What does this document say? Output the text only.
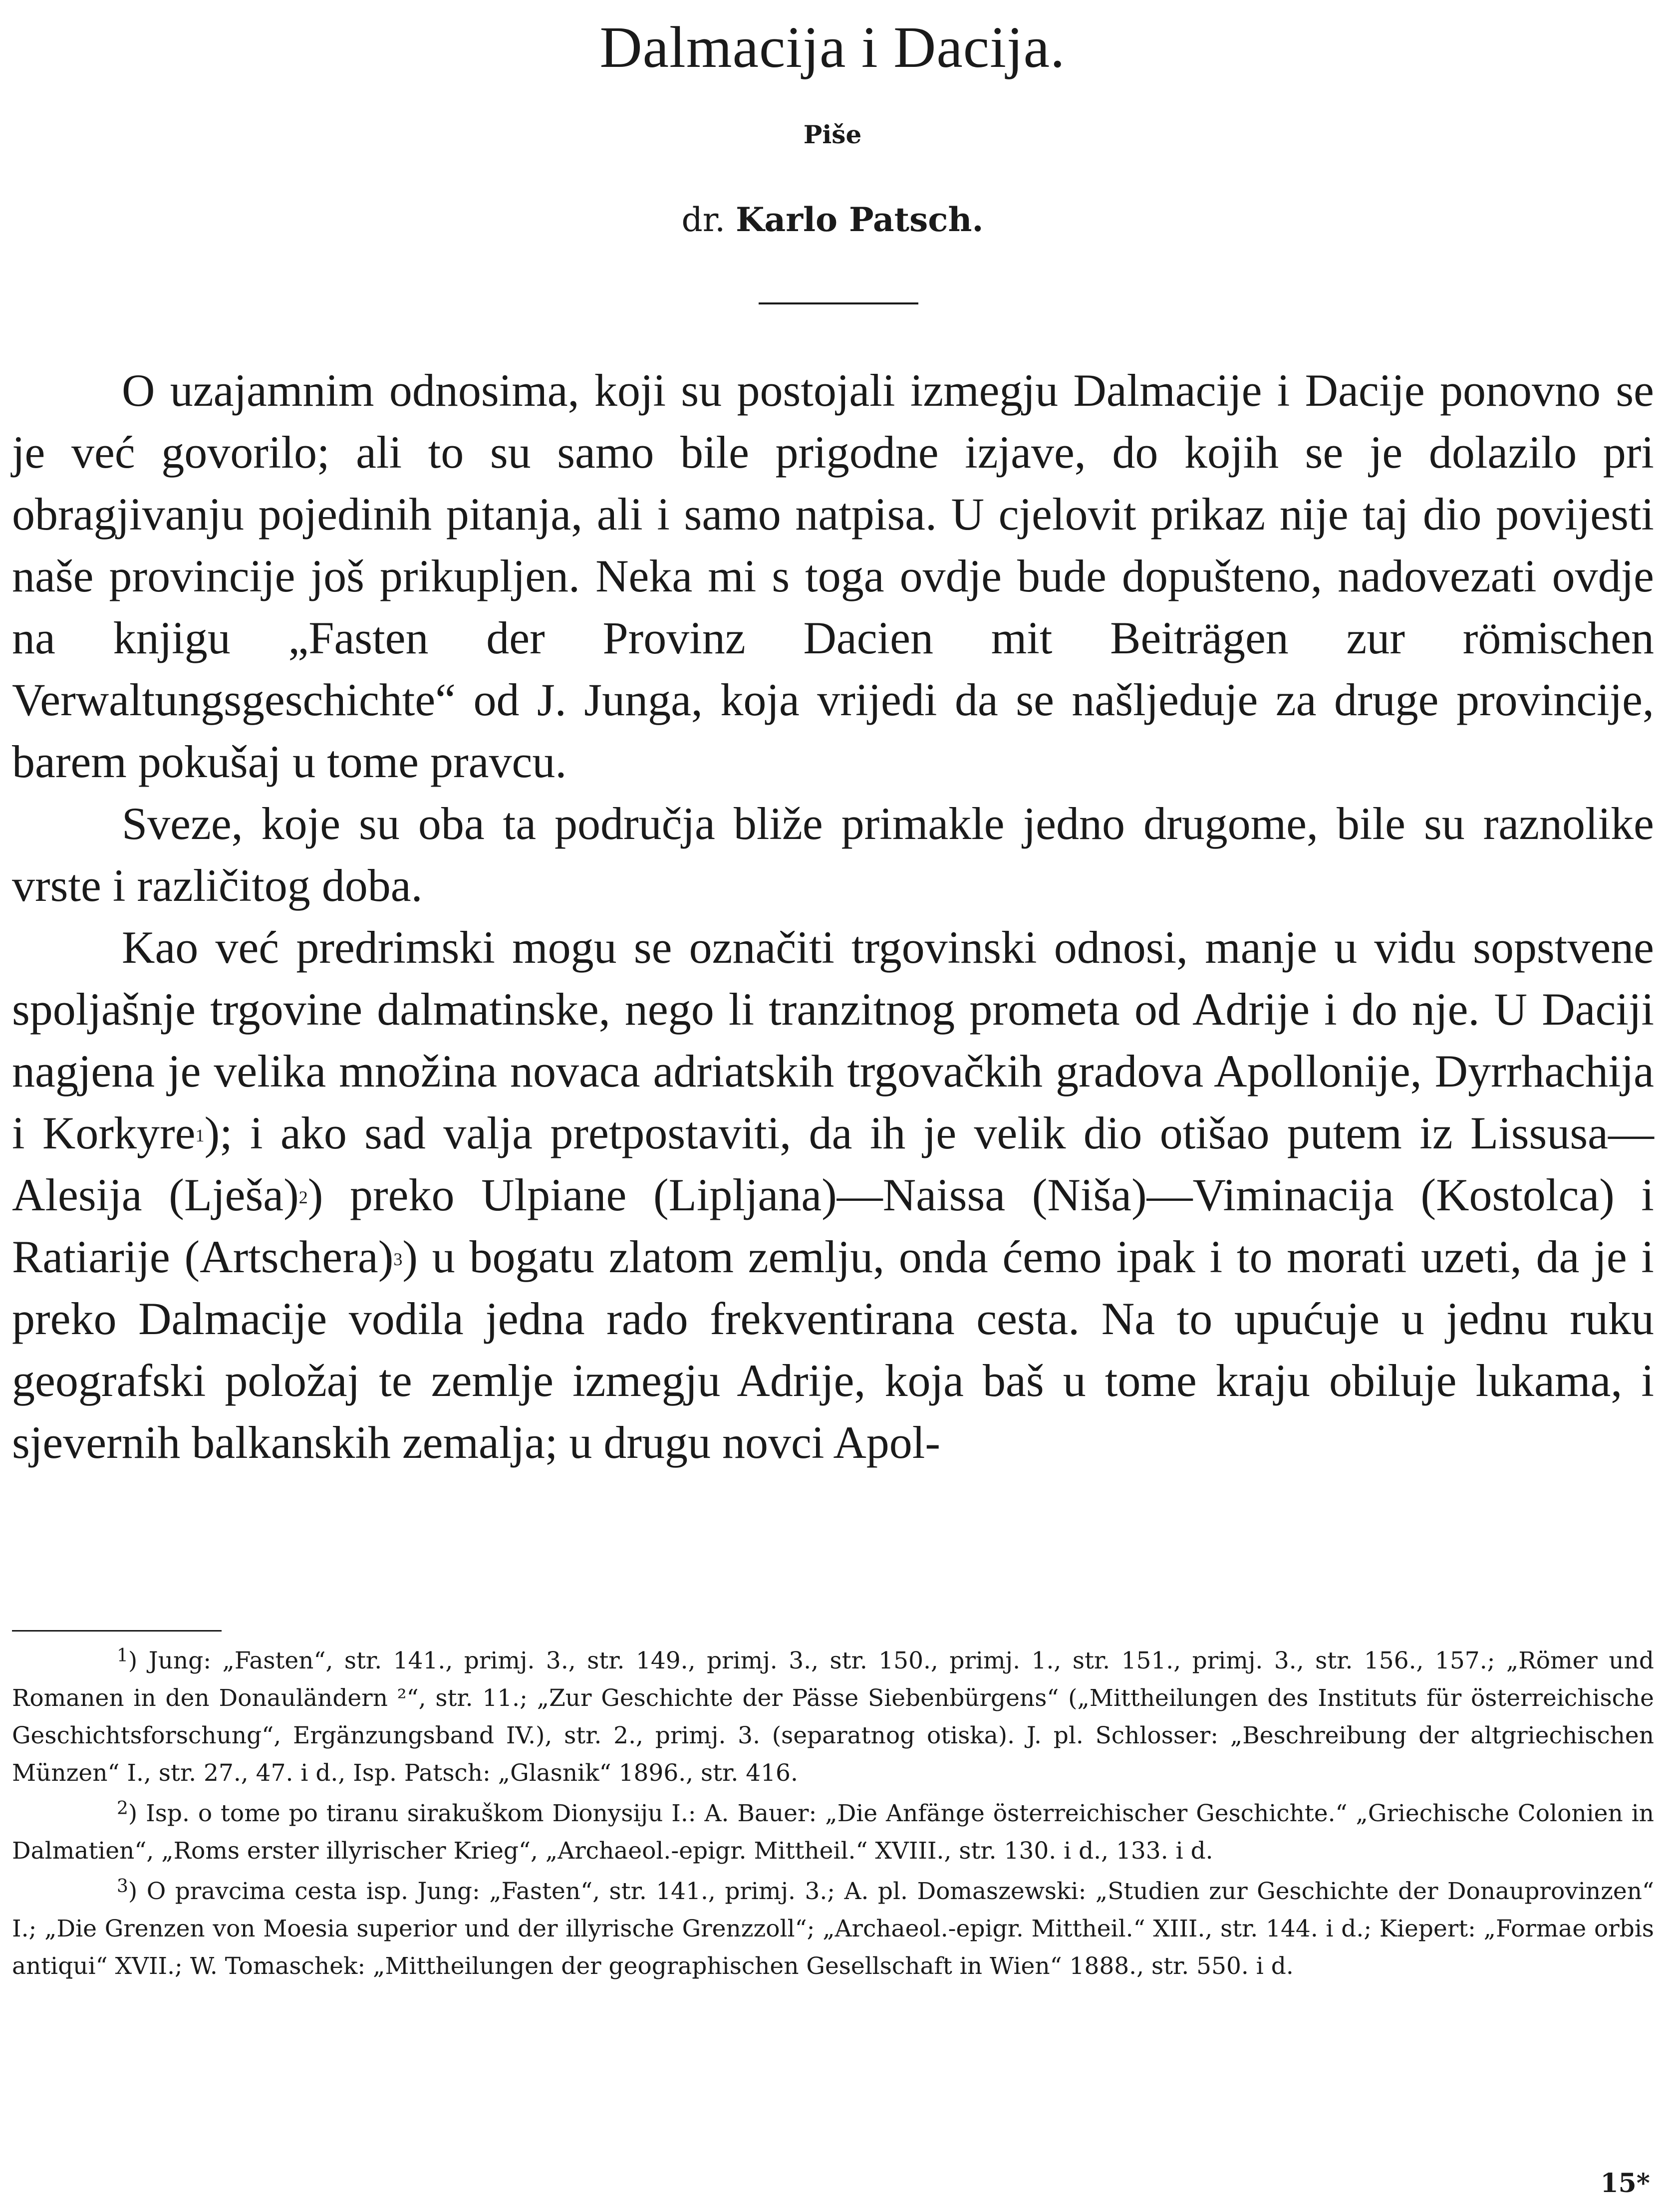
Dalmacija i Dacija.
Piše
dr. Karlo Patsch.

O uzajamnim odnosima, koji su postojali izmegju Dalmacije i Dacije ponovno se je već govorilo; ali to su samo bile prigodne izjave, do kojih se je dolazilo pri obragjivanju pojedinih pitanja, ali i samo natpisa. U cjelovit prikaz nije taj dio povijesti naše provincije još prikupljen. Neka mi s toga ovdje bude dopušteno, nadovezati ovdje na knjigu „Fasten der Provinz Dacien mit Beiträgen zur römischen Verwaltungsgeschichte“ od J. Junga, koja vrijedi da se našljeduje za druge provincije, barem pokušaj u tome pravcu.

Sveze, koje su oba ta područja bliže primakle jedno drugome, bile su raznolike vrste i različitog doba.

Kao već predrimski mogu se označiti trgovinski odnosi, manje u vidu sopstvene spoljašnje trgovine dalmatinske, nego li tranzitnog prometa od Adrije i do nje. U Daciji nagjena je velika množina novaca adriatskih trgovačkih gradova Apollonije, Dyrrhachija i Korkyre$^1$); i ako sad valja pretpostaviti, da ih je velik dio otišao putem iz Lissusa—Alesija (Lješa)$^2$) preko Ulpiane (Lipljana)—Naissa (Niša)—Viminacija (Kostolca) i Ratiarije (Artschera)$^3$) u bogatu zlatom zemlju, onda ćemo ipak i to morati uzeti, da je i preko Dalmacije vodila jedna rado frekventirana cesta. Na to upućuje u jednu ruku geografski položaj te zemlje izmegju Adrije, koja baš u tome kraju obiluje lukama, i sjevernih balkanskih zemalja; u drugu novci Apol-

$^1$) Jung: „Fasten“, str. 141., primj. 3., str. 149., primj. 3., str. 150., primj. 1., str. 151., primj. 3., str. 156., 157.; „Römer und Romanen in den Donauländern ²“, str. 11.; „Zur Geschichte der Pässe Siebenbürgens“ („Mittheilungen des Instituts für österreichische Geschichtsforschung“, Ergänzungsband IV.), str. 2., primj. 3. (separatnog otiska). J. pl. Schlosser: „Beschreibung der altgriechischen Münzen“ I., str. 27., 47. i d., Isp. Patsch: „Glasnik“ 1896., str. 416.

$^2$) Isp. o tome po tiranu sirakuškom Dionysiju I.: A. Bauer: „Die Anfänge österreichischer Geschichte.“ „Griechische Colonien in Dalmatien“, „Roms erster illyrischer Krieg“, „Archaeol.-epigr. Mittheil.“ XVIII., str. 130. i d., 133. i d.

$^3$) O pravcima cesta isp. Jung: „Fasten“, str. 141., primj. 3.; A. pl. Domaszewski: „Studien zur Geschichte der Donauprovinzen“ I.; „Die Grenzen von Moesia superior und der illyrische Grenzzoll“; „Archaeol.-epigr. Mittheil.“ XIII., str. 144. i d.; Kiepert: „Formae orbis antiqui“ XVII.; W. Tomaschek: „Mittheilungen der geographischen Gesellschaft in Wien“ 1888., str. 550. i d.

15*
